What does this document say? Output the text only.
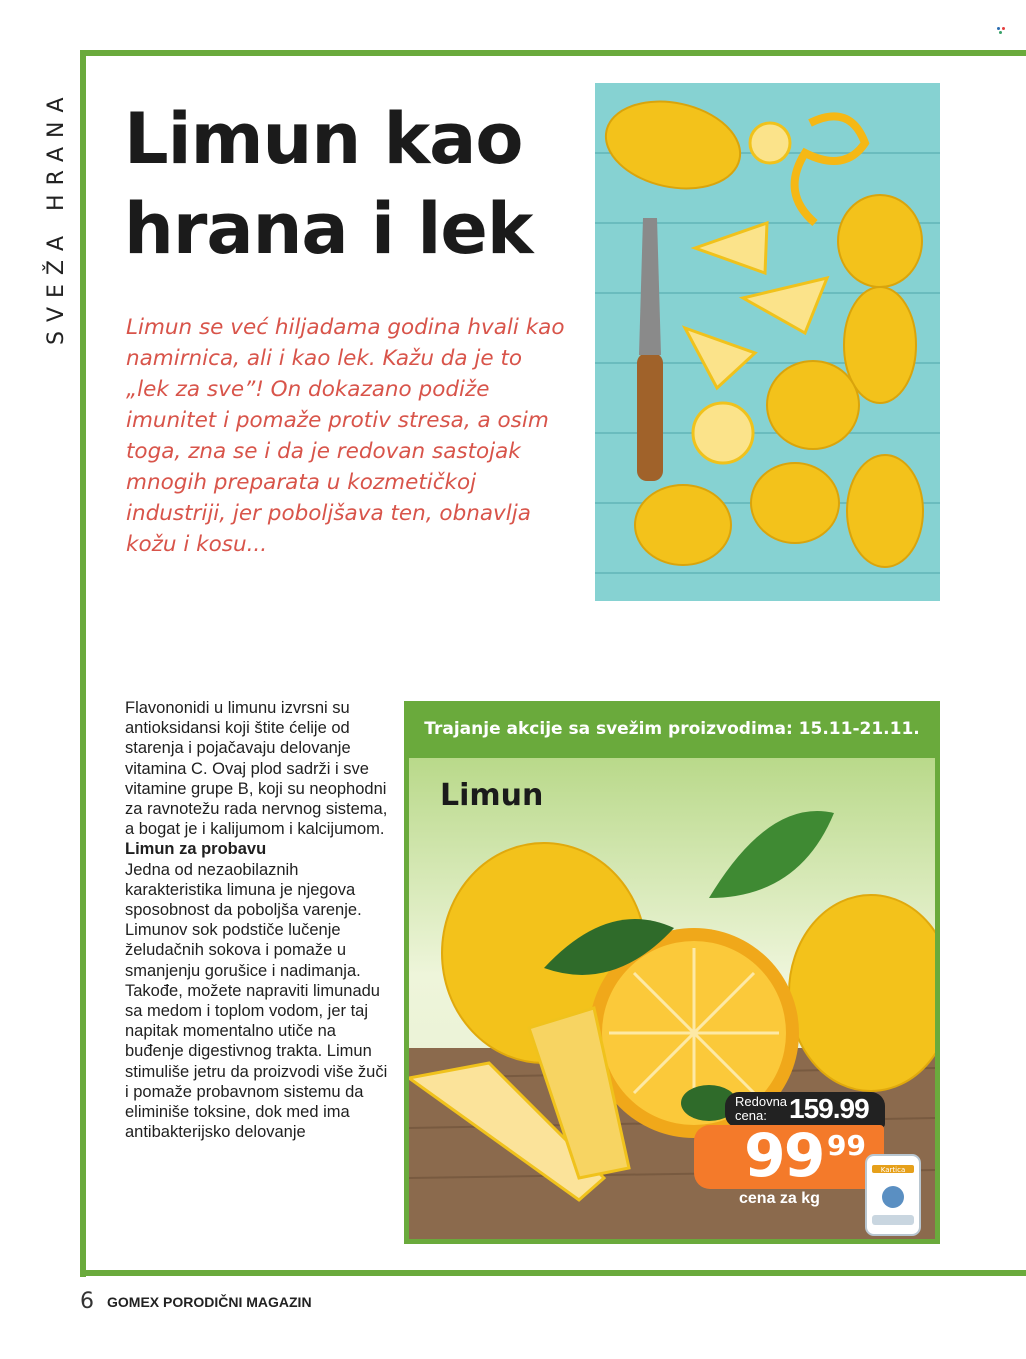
SVEŽA HRANA Limun kao
hrana i lek

Limun se već hiljadama godina hvali kao namirnica, ali i kao lek. Kažu da je to „lek za sve”! On dokazano podiže imunitet i pomaže protiv stresa, a osim toga, zna se i da je redovan sastojak mnogih preparata u kozmetičkoj industriji, jer poboljšava ten, obnavlja kožu i kosu...

Flavononidi u limunu izvrsni su antioksidansi koji štite ćelije od starenja i pojačavaju delovanje vitamina C. Ovaj plod sadrži i sve vitamine grupe B, koji su neophodni za ravnotežu rada nervnog sistema, a bogat je i kalijumom i kalcijumom.
Limun za probavu
Jedna od nezaobilaznih karakteristika limuna je njegova sposobnost da poboljša varenje. Limunov sok podstiče lučenje želudačnih sokova i pomaže u smanjenju gorušice i nadimanja. Takođe, možete napraviti limunadu sa medom i toplom vodom, jer taj napitak momentalno utiče na buđenje digestivnog trakta. Limun stimuliše jetru da proizvodi više žuči i pomaže probavnom sistemu da eliminiše toksine, dok med ima antibakterijsko delovanje

Trajanje akcije sa svežim proizvodima: 15.11-21.11.
Limun
Redovna cena: 159.99
99 99
cena za kg
Kartica
6 GOMEX PORODIČNI MAGAZIN
